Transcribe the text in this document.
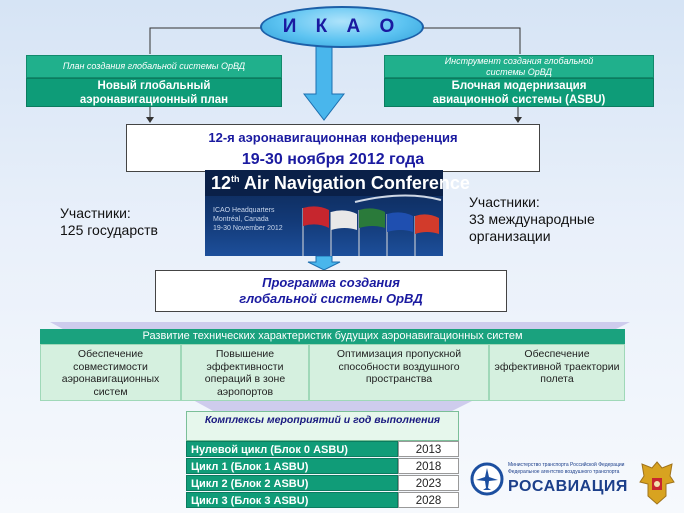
И К А О
План создания глобальной системы ОрВД
Новый глобальный аэронавигационный план
Инструмент создания глобальной системы ОрВД
Блочная модернизация авиационной системы (ASBU)
12-я аэронавигационная конференция
19-30 ноября 2012 года
12th Air Navigation Conference
ICAO Headquarters
Montréal, Canada
19-30 November 2012
Участники:
125 государств
Участники:
33 международные организации
Программа создания
глобальной системы ОрВД
Развитие технических характеристик будущих аэронавигационных систем
Обеспечение совместимости аэронавигационных систем
Повышение эффективности операций в зоне аэропортов
Оптимизация пропускной способности воздушного пространства
Обеспечение эффективной траектории полета
Комплексы мероприятий и год выполнения
Нулевой цикл (Блок 0 ASBU)	2013
Цикл 1 (Блок 1 ASBU)	2018
Цикл 2 (Блок 2 ASBU)	2023
Цикл 3 (Блок 3 ASBU)	2028
Министерство транспорта Российской Федерации
Федеральное агентство воздушного транспорта
РОСАВИАЦИЯ
